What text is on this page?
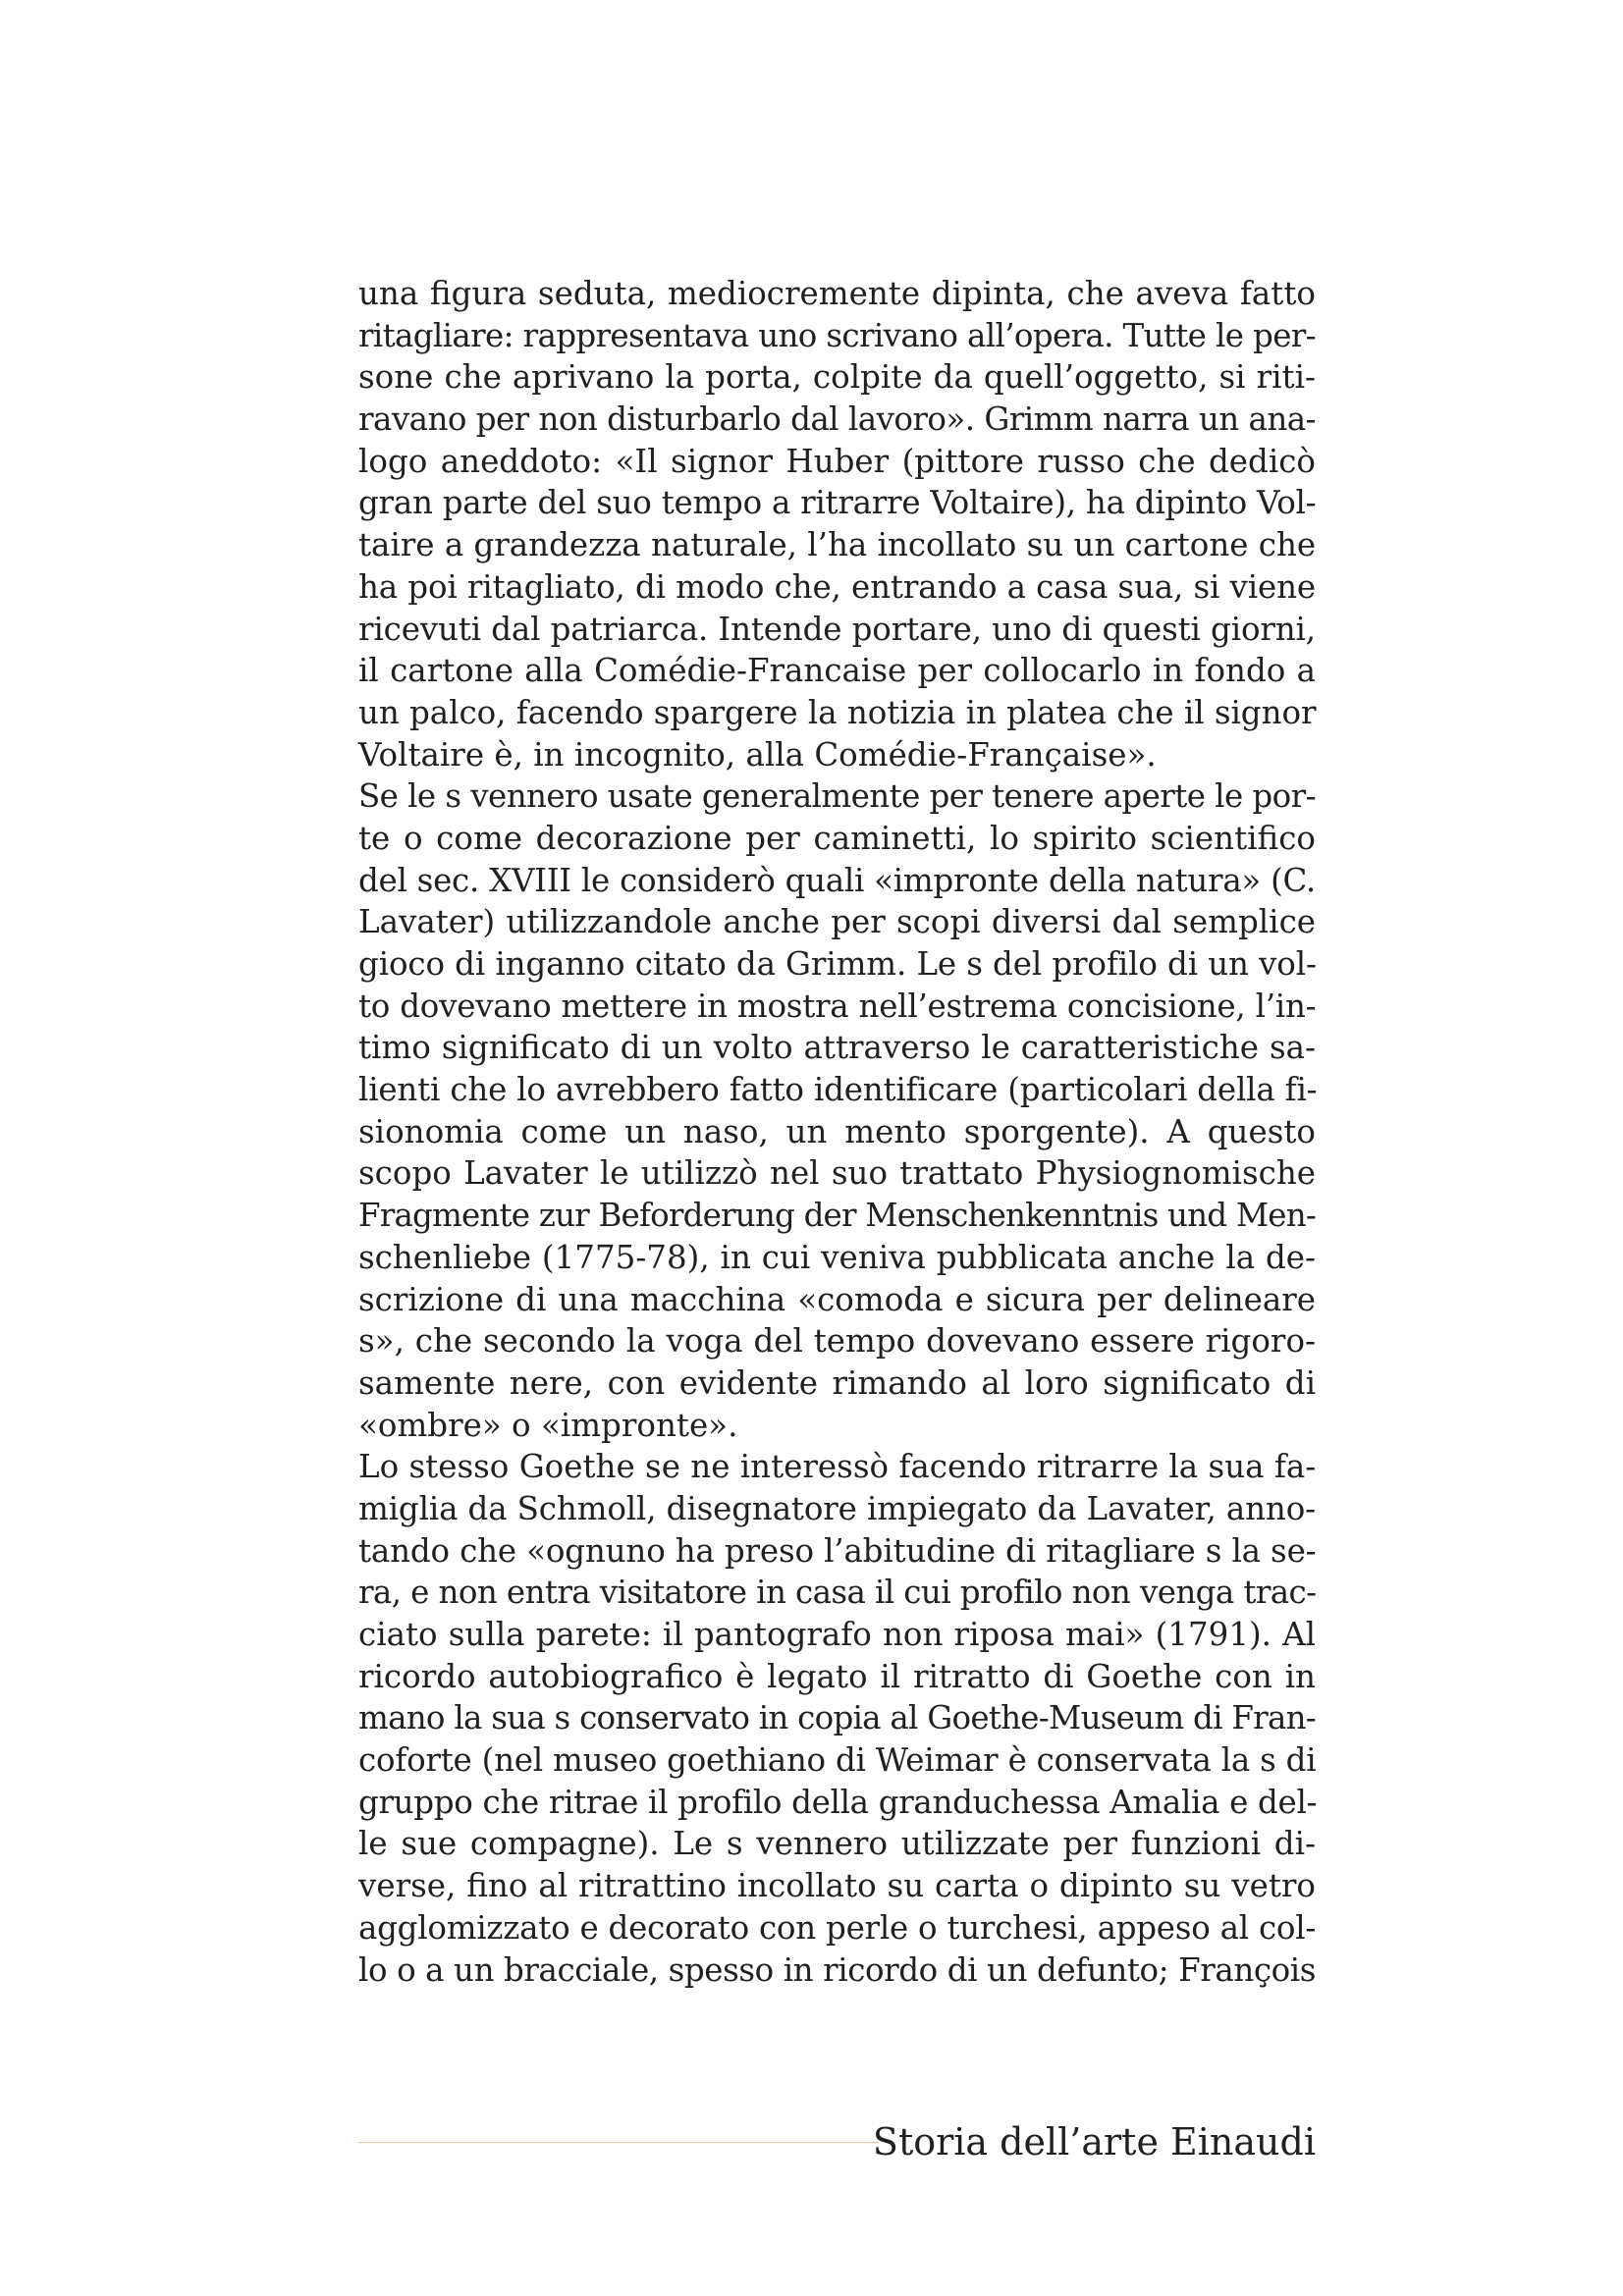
una figura seduta, mediocremente dipinta, che aveva fatto
ritagliare: rappresentava uno scrivano all’opera. Tutte le per-
sone che aprivano la porta, colpite da quell’oggetto, si riti-
ravano per non disturbarlo dal lavoro». Grimm narra un ana-
logo aneddoto: «Il signor Huber (pittore russo che dedicò
gran parte del suo tempo a ritrarre Voltaire), ha dipinto Vol-
taire a grandezza naturale, l’ha incollato su un cartone che
ha poi ritagliato, di modo che, entrando a casa sua, si viene
ricevuti dal patriarca. Intende portare, uno di questi giorni,
il cartone alla Comédie-Francaise per collocarlo in fondo a
un palco, facendo spargere la notizia in platea che il signor
Voltaire è, in incognito, alla Comédie-Française».
Se le s vennero usate generalmente per tenere aperte le por-
te o come decorazione per caminetti, lo spirito scientifico
del sec. XVIII le considerò quali «impronte della natura» (C.
Lavater) utilizzandole anche per scopi diversi dal semplice
gioco di inganno citato da Grimm. Le s del profilo di un vol-
to dovevano mettere in mostra nell’estrema concisione, l’in-
timo significato di un volto attraverso le caratteristiche sa-
lienti che lo avrebbero fatto identificare (particolari della fi-
sionomia come un naso, un mento sporgente). A questo
scopo Lavater le utilizzò nel suo trattato Physiognomische
Fragmente zur Beforderung der Menschenkenntnis und Men-
schenliebe (1775-78), in cui veniva pubblicata anche la de-
scrizione di una macchina «comoda e sicura per delineare
s», che secondo la voga del tempo dovevano essere rigoro-
samente nere, con evidente rimando al loro significato di
«ombre» o «impronte».
Lo stesso Goethe se ne interessò facendo ritrarre la sua fa-
miglia da Schmoll, disegnatore impiegato da Lavater, anno-
tando che «ognuno ha preso l’abitudine di ritagliare s la se-
ra, e non entra visitatore in casa il cui profilo non venga trac-
ciato sulla parete: il pantografo non riposa mai» (1791). Al
ricordo autobiografico è legato il ritratto di Goethe con in
mano la sua s conservato in copia al Goethe-Museum di Fran-
coforte (nel museo goethiano di Weimar è conservata la s di
gruppo che ritrae il profilo della granduchessa Amalia e del-
le sue compagne). Le s vennero utilizzate per funzioni di-
verse, fino al ritrattino incollato su carta o dipinto su vetro
agglomizzato e decorato con perle o turchesi, appeso al col-
lo o a un bracciale, spesso in ricordo di un defunto; François
Storia dell’arte Einaudi
